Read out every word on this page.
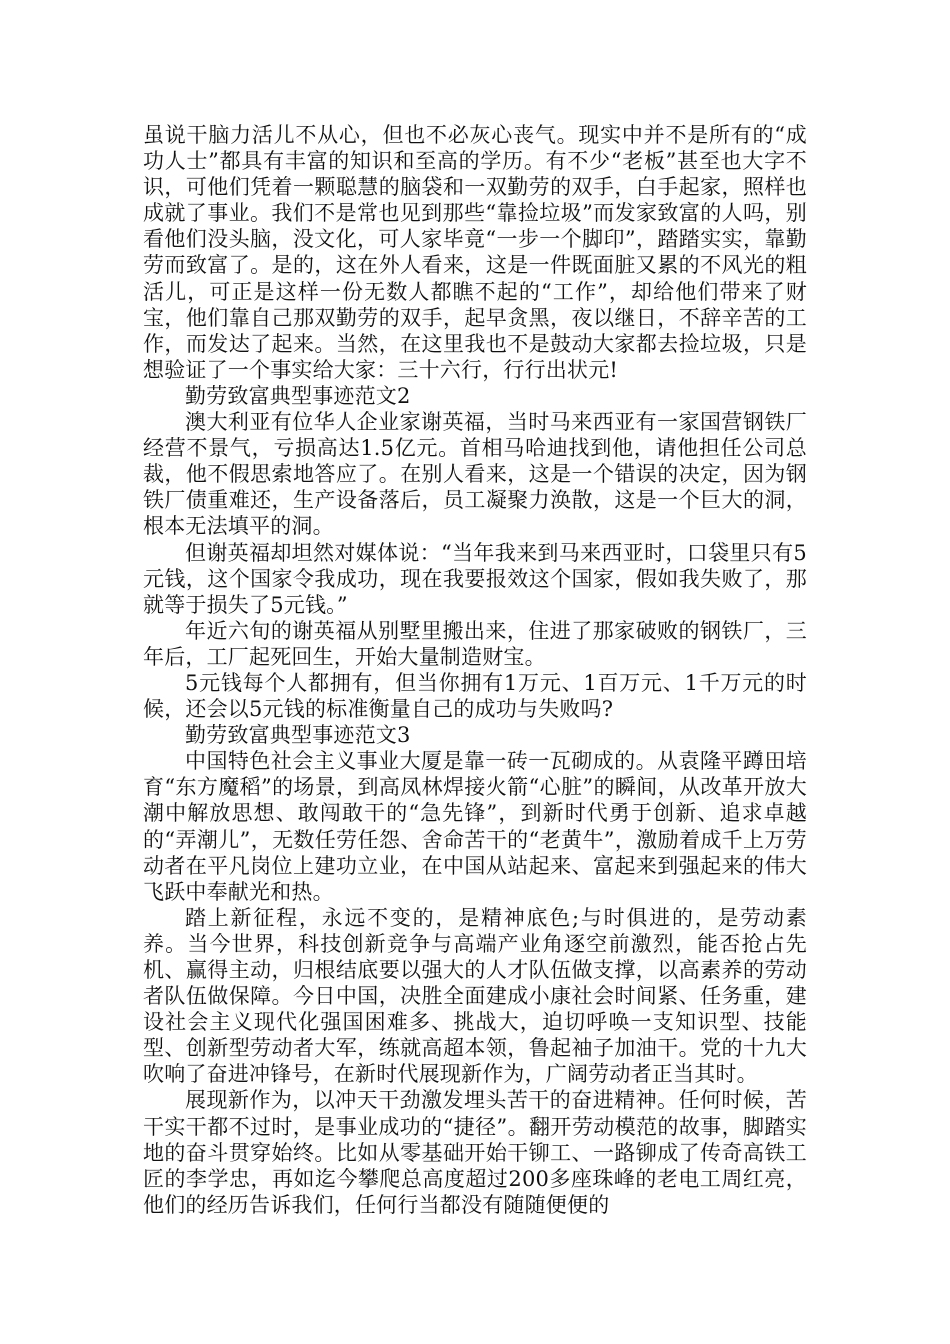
虽说干脑力活儿不从心，但也不必灰心丧气。现实中并不是所有的“成功人士”都具有丰富的知识和至高的学历。有不少“老板”甚至也大字不识，可他们凭着一颗聪慧的脑袋和一双勤劳的双手，白手起家，照样也成就了事业。我们不是常也见到那些“靠捡垃圾”而发家致富的人吗，别看他们没头脑，没文化，可人家毕竟“一步一个脚印”，踏踏实实，靠勤劳而致富了。是的，这在外人看来，这是一件既面脏又累的不风光的粗活儿，可正是这样一份无数人都瞧不起的“工作”，却给他们带来了财宝，他们靠自己那双勤劳的双手，起早贪黑，夜以继日，不辞辛苦的工作，而发达了起来。当然，在这里我也不是鼓动大家都去捡垃圾，只是想验证了一个事实给大家：三十六行，行行出状元!

勤劳致富典型事迹范文2

澳大利亚有位华人企业家谢英福，当时马来西亚有一家国营钢铁厂经营不景气，亏损高达1.5亿元。首相马哈迪找到他，请他担任公司总裁，他不假思索地答应了。在别人看来，这是一个错误的决定，因为钢铁厂债重难还，生产设备落后，员工凝聚力涣散，这是一个巨大的洞，根本无法填平的洞。

但谢英福却坦然对媒体说：“当年我来到马来西亚时，口袋里只有5元钱，这个国家令我成功，现在我要报效这个国家，假如我失败了，那就等于损失了5元钱。”

年近六旬的谢英福从别墅里搬出来，住进了那家破败的钢铁厂，三年后，工厂起死回生，开始大量制造财宝。

5元钱每个人都拥有，但当你拥有1万元、1百万元、1千万元的时候，还会以5元钱的标准衡量自己的成功与失败吗?

勤劳致富典型事迹范文3

中国特色社会主义事业大厦是靠一砖一瓦砌成的。从袁隆平蹲田培育“东方魔稻”的场景，到高凤林焊接火箭“心脏”的瞬间，从改革开放大潮中解放思想、敢闯敢干的“急先锋”，到新时代勇于创新、追求卓越的“弄潮儿”，无数任劳任怨、舍命苦干的“老黄牛”，激励着成千上万劳动者在平凡岗位上建功立业，在中国从站起来、富起来到强起来的伟大飞跃中奉献光和热。

踏上新征程，永远不变的，是精神底色;与时俱进的，是劳动素养。当今世界，科技创新竞争与高端产业角逐空前激烈，能否抢占先机、赢得主动，归根结底要以强大的人才队伍做支撑，以高素养的劳动者队伍做保障。今日中国，决胜全面建成小康社会时间紧、任务重，建设社会主义现代化强国困难多、挑战大，迫切呼唤一支知识型、技能型、创新型劳动者大军，练就高超本领，鲁起袖子加油干。党的十九大吹响了奋进冲锋号，在新时代展现新作为，广阔劳动者正当其时。

展现新作为，以冲天干劲激发埋头苦干的奋进精神。任何时候，苦干实干都不过时，是事业成功的“捷径”。翻开劳动模范的故事，脚踏实地的奋斗贯穿始终。比如从零基础开始干铆工、一路铆成了传奇高铁工匠的李学忠，再如迄今攀爬总高度超过200多座珠峰的老电工周红亮，他们的经历告诉我们，任何行当都没有随随便便的
